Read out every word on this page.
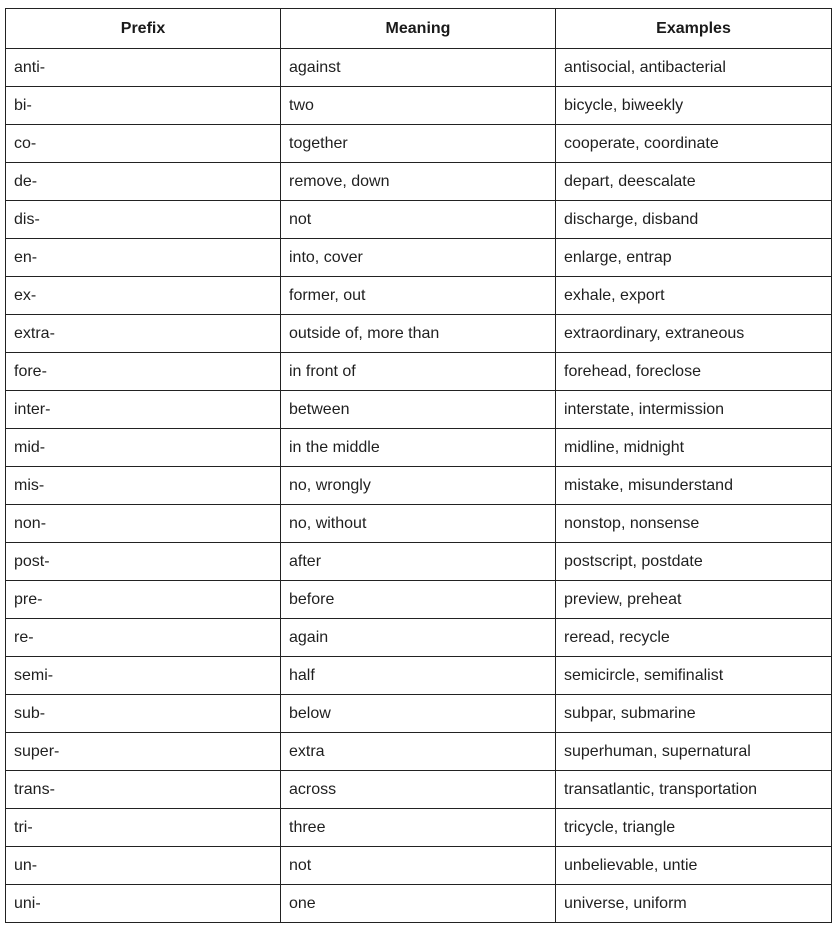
Prefix	Meaning	Examples
anti-	against	antisocial, antibacterial
bi-	two	bicycle, biweekly
co-	together	cooperate, coordinate
de-	remove, down	depart, deescalate
dis-	not	discharge, disband
en-	into, cover	enlarge, entrap
ex-	former, out	exhale, export
extra-	outside of, more than	extraordinary, extraneous
fore-	in front of	forehead, foreclose
inter-	between	interstate, intermission
mid-	in the middle	midline, midnight
mis-	no, wrongly	mistake, misunderstand
non-	no, without	nonstop, nonsense
post-	after	postscript, postdate
pre-	before	preview, preheat
re-	again	reread, recycle
semi-	half	semicircle, semifinalist
sub-	below	subpar, submarine
super-	extra	superhuman, supernatural
trans-	across	transatlantic, transportation
tri-	three	tricycle, triangle
un-	not	unbelievable, untie
uni-	one	universe, uniform
